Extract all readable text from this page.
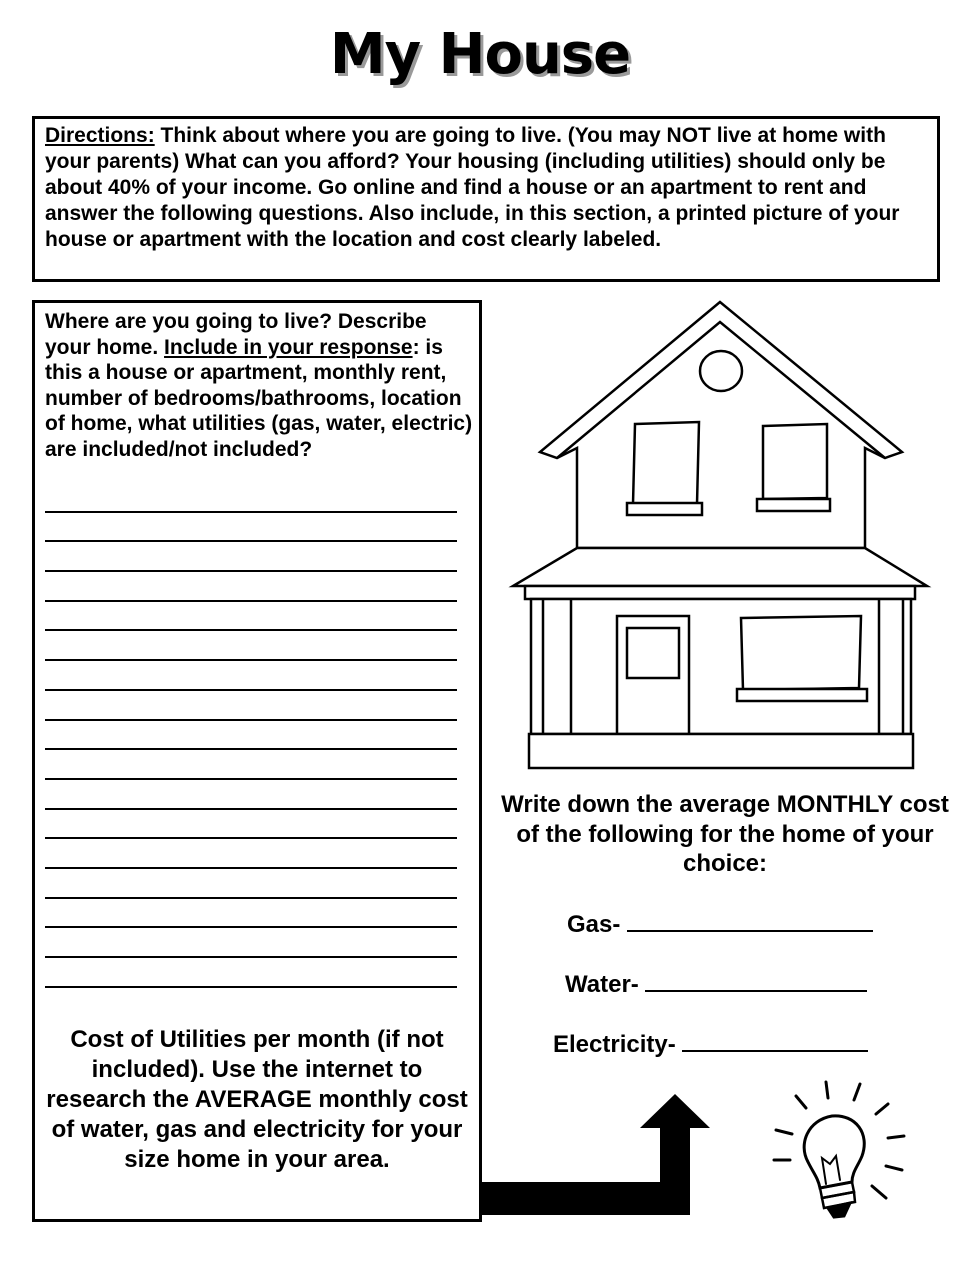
My House
Directions: Think about where you are going to live. (You may NOT live at home with your parents) What can you afford? Your housing (including utilities) should only be about 40% of your income. Go online and find a house or an apartment to rent and answer the following questions. Also include, in this section, a printed picture of your house or apartment with the location and cost clearly labeled.
Where are you going to live? Describe your home. Include in your response: is this a house or apartment, monthly rent, number of bedrooms/bathrooms, location of home, what utilities (gas, water, electric) are included/not included?
Cost of Utilities per month (if not included). Use the internet to research the AVERAGE monthly cost of water, gas and electricity for your size home in your area.
Write down the average MONTHLY cost of the following for the home of your choice:
Gas-
Water-
Electricity-
